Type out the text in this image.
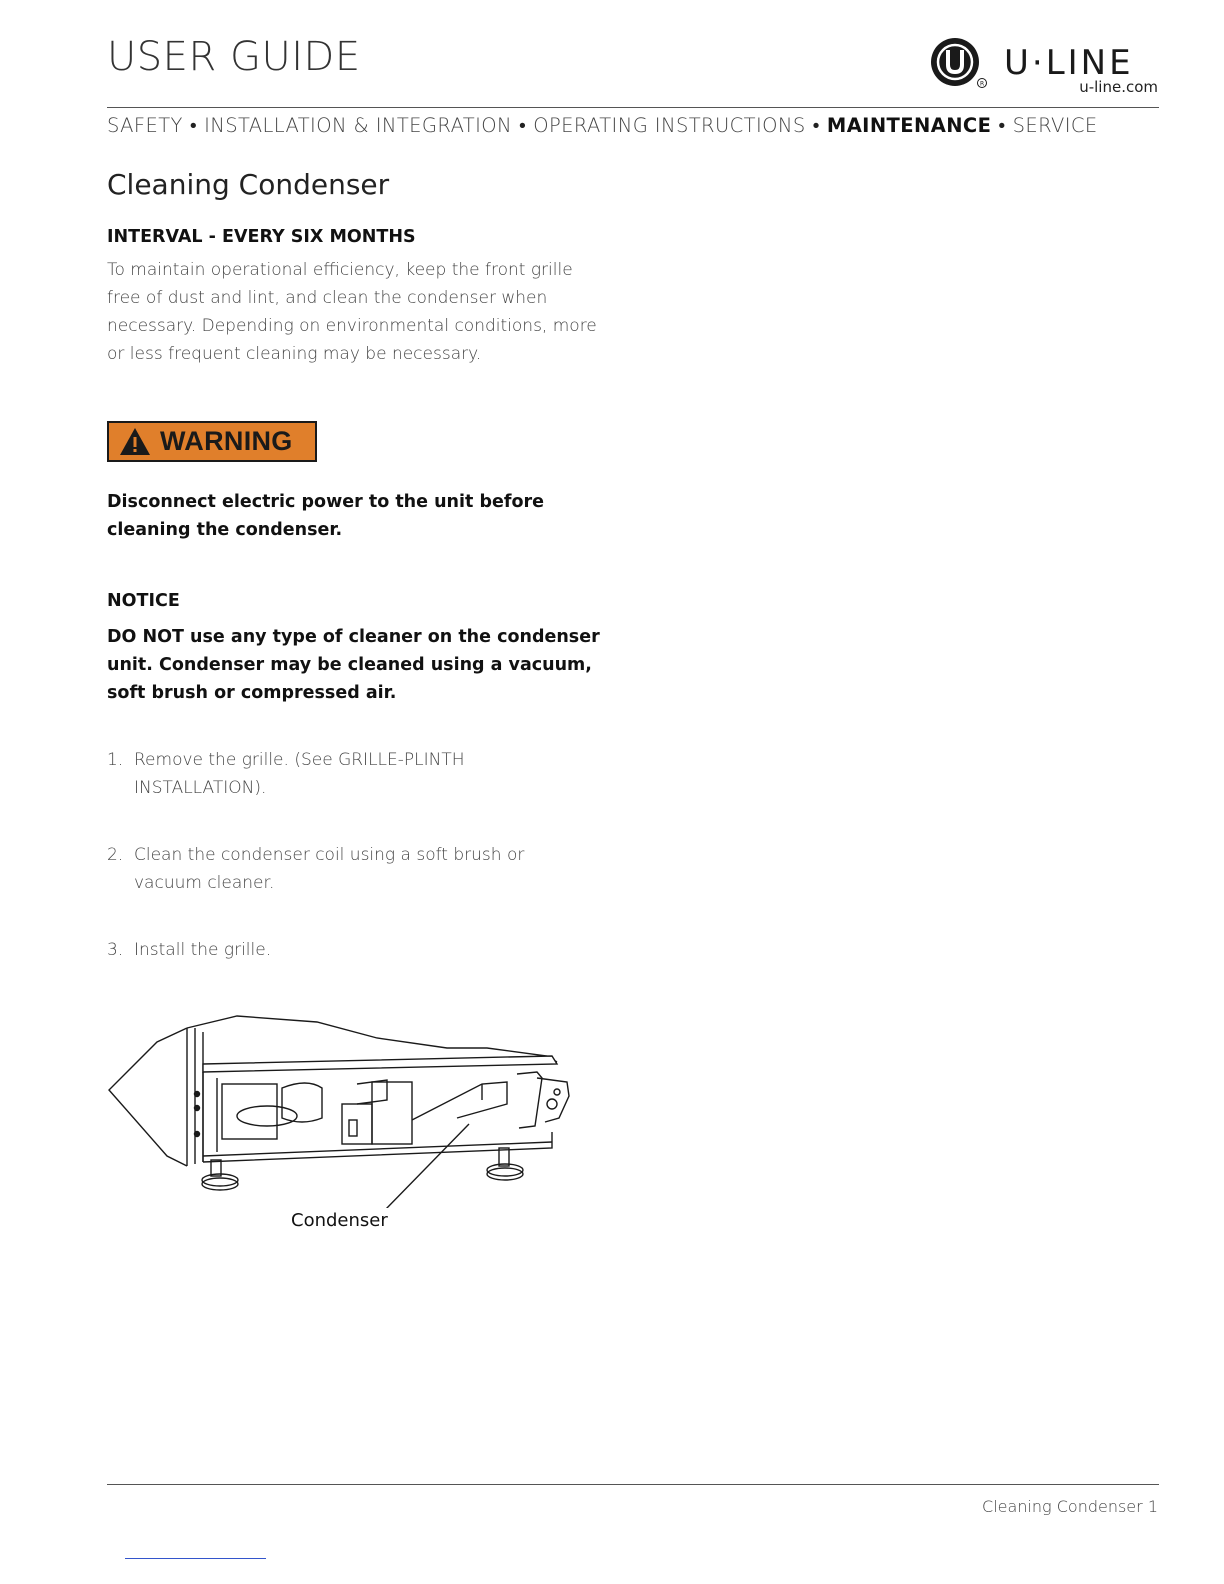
USER GUIDE
R
U·LINE
u-line.com
SAFETY • INSTALLATION & INTEGRATION • OPERATING INSTRUCTIONS • MAINTENANCE • SERVICE
Cleaning Condenser
INTERVAL - EVERY SIX MONTHS
To maintain operational efficiency, keep the front grille free of dust and lint, and clean the condenser when necessary. Depending on environmental conditions, more or less frequent cleaning may be necessary.
WARNING
Disconnect electric power to the unit before cleaning the condenser.
NOTICE
DO NOT use any type of cleaner on the condenser unit. Condenser may be cleaned using a vacuum, soft brush or compressed air.
1. Remove the grille. (See GRILLE-PLINTH INSTALLATION).
2. Clean the condenser coil using a soft brush or vacuum cleaner.
3. Install the grille.
Condenser
Cleaning Condenser 1
